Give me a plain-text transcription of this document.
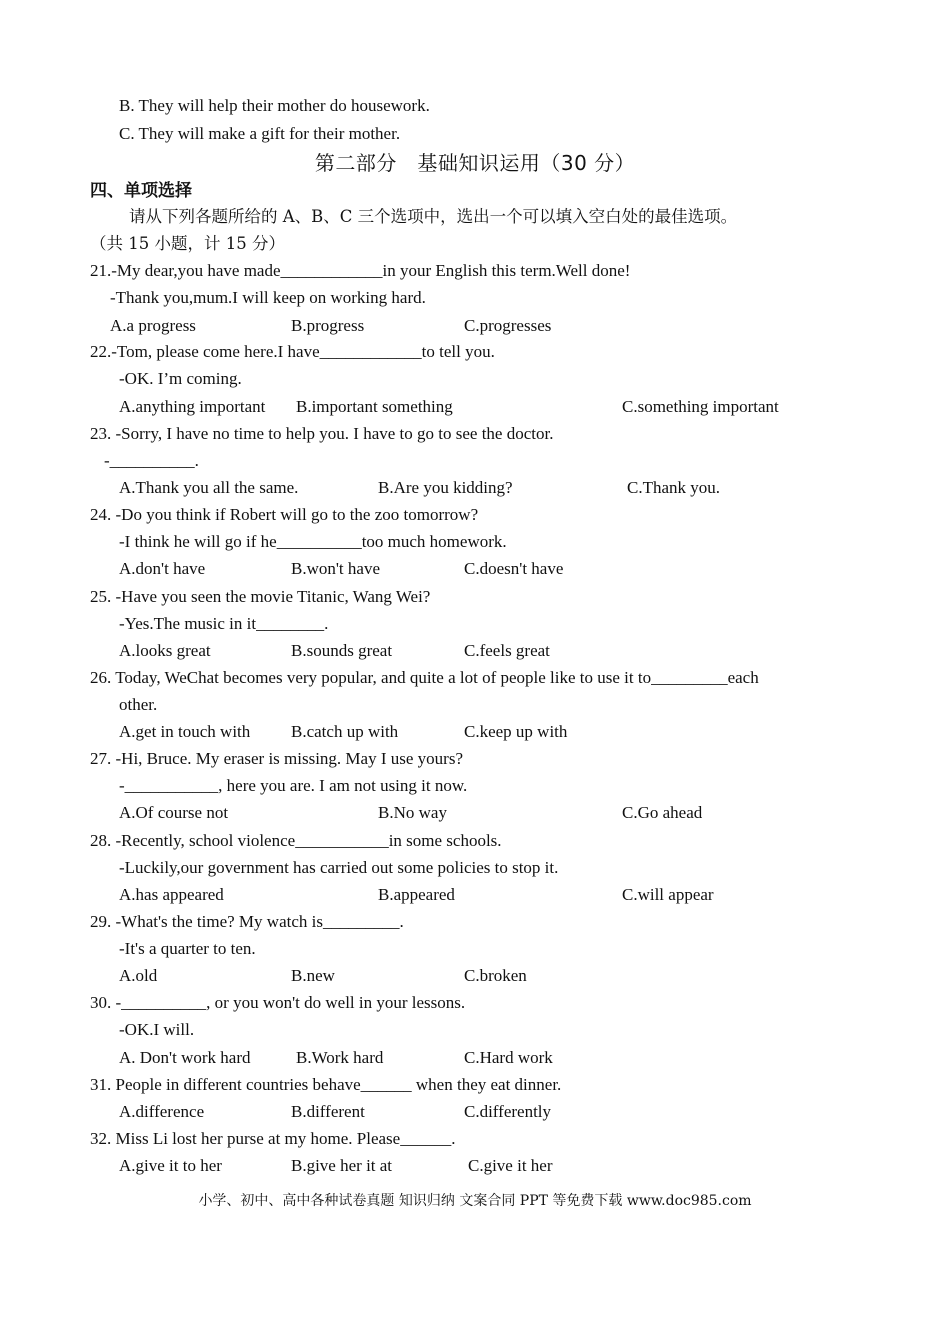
B. They will help their mother do housework.
C. They will make a gift for their mother.
第二部分　基础知识运用（30 分）
四、单项选择
请从下列各题所给的 A、B、C 三个选项中，选出一个可以填入空白处的最佳选项。
（共 15 小题，计 15 分）
21.-My dear,you have made____________in your English this term.Well done!
-Thank you,mum.I will keep on working hard.
A.a progress	B.progress	C.progresses
22.-Tom, please come here.I have____________to tell you.
-OK. I’m coming.
A.anything important B.important something	C.something important
23. -Sorry, I have no time to help you. I have to go to see the doctor.
-__________.
A.Thank you all the same.	B.Are you kidding?	C.Thank you.
24. -Do you think if Robert will go to the zoo tomorrow?
-I think he will go if he__________too much homework.
A.don't have	B.won't have	C.doesn't have
25. -Have you seen the movie Titanic, Wang Wei?
-Yes.The music in it________.
A.looks great	B.sounds great	C.feels great
26. Today, WeChat becomes very popular, and quite a lot of people like to use it to_________each
other.
A.get in touch with B.catch up with	C.keep up with
27. -Hi, Bruce. My eraser is missing. May I use yours?
-___________, here you are. I am not using it now.
A.Of course not	B.No way	C.Go ahead
28. -Recently, school violence___________in some schools.
-Luckily,our government has carried out some policies to stop it.
A.has appeared	B.appeared	C.will appear
29. -What's the time? My watch is_________.
-It's a quarter to ten.
A.old	B.new	C.broken
30. -__________, or you won't do well in your lessons.
-OK.I will.
A. Don't work hard	B.Work hard	C.Hard work
31. People in different countries behave______ when they eat dinner.
A.difference	B.different	C.differently
32. Miss Li lost her purse at my home. Please______.
A.give it to her	B.give her it at	C.give it her
小学、初中、高中各种试卷真题 知识归纳 文案合同 PPT 等免费下载 www.doc985.com
